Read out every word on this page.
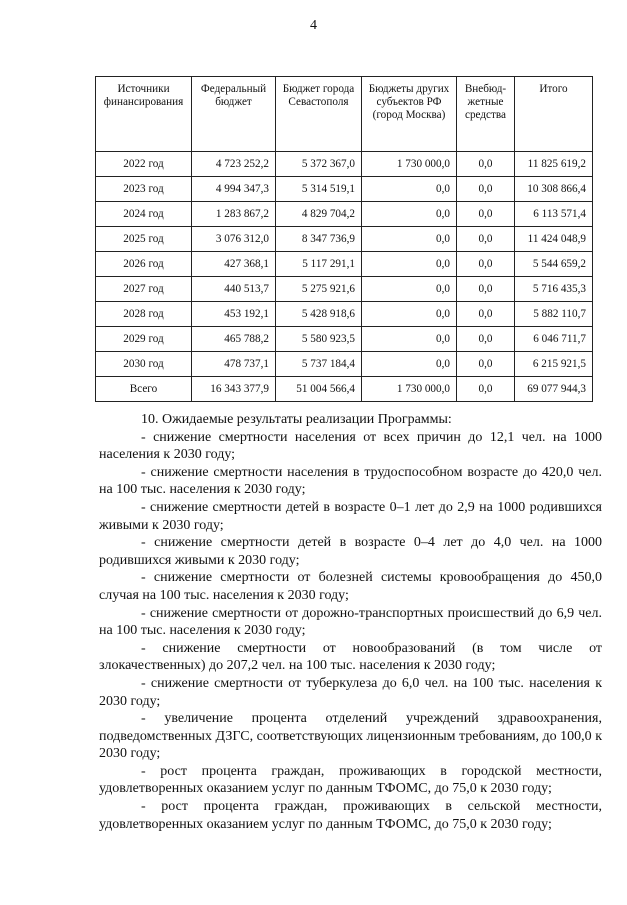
4
Источники финансирования	Федеральный бюджет	Бюджет города Севастополя	Бюджеты других субъектов РФ (город Москва)	Внебюд-жетные средства	Итого
2022 год	4 723 252,2	5 372 367,0	1 730 000,0	0,0	11 825 619,2
2023 год	4 994 347,3	5 314 519,1	0,0	0,0	10 308 866,4
2024 год	1 283 867,2	4 829 704,2	0,0	0,0	6 113 571,4
2025 год	3 076 312,0	8 347 736,9	0,0	0,0	11 424 048,9
2026 год	427 368,1	5 117 291,1	0,0	0,0	5 544 659,2
2027 год	440 513,7	5 275 921,6	0,0	0,0	5 716 435,3
2028 год	453 192,1	5 428 918,6	0,0	0,0	5 882 110,7
2029 год	465 788,2	5 580 923,5	0,0	0,0	6 046 711,7
2030 год	478 737,1	5 737 184,4	0,0	0,0	6 215 921,5
Всего	16 343 377,9	51 004 566,4	1 730 000,0	0,0	69 077 944,3

10. Ожидаемые результаты реализации Программы:

- снижение смертности населения от всех причин до 12,1 чел. на 1000 населения к 2030 году;

- снижение смертности населения в трудоспособном возрасте до 420,0 чел. на 100 тыс. населения к 2030 году;

- снижение смертности детей в возрасте 0–1 лет до 2,9 на 1000 родившихся живыми к 2030 году;

- снижение смертности детей в возрасте 0–4 лет до 4,0 чел. на 1000 родившихся живыми к 2030 году;

- снижение смертности от болезней системы кровообращения до 450,0 случая на 100 тыс. населения к 2030 году;

- снижение смертности от дорожно-транспортных происшествий до 6,9 чел. на 100 тыс. населения к 2030 году;

- снижение смертности от новообразований (в том числе от злокачественных) до 207,2 чел. на 100 тыс. населения к 2030 году;

- снижение смертности от туберкулеза до 6,0 чел. на 100 тыс. населения к 2030 году;

- увеличение процента отделений учреждений здравоохранения, подведомственных ДЗГС, соответствующих лицензионным требованиям, до 100,0 к 2030 году;

- рост процента граждан, проживающих в городской местности, удовлетворенных оказанием услуг по данным ТФОМС, до 75,0 к 2030 году;

- рост процента граждан, проживающих в сельской местности, удовлетворенных оказанием услуг по данным ТФОМС, до 75,0 к 2030 году;
